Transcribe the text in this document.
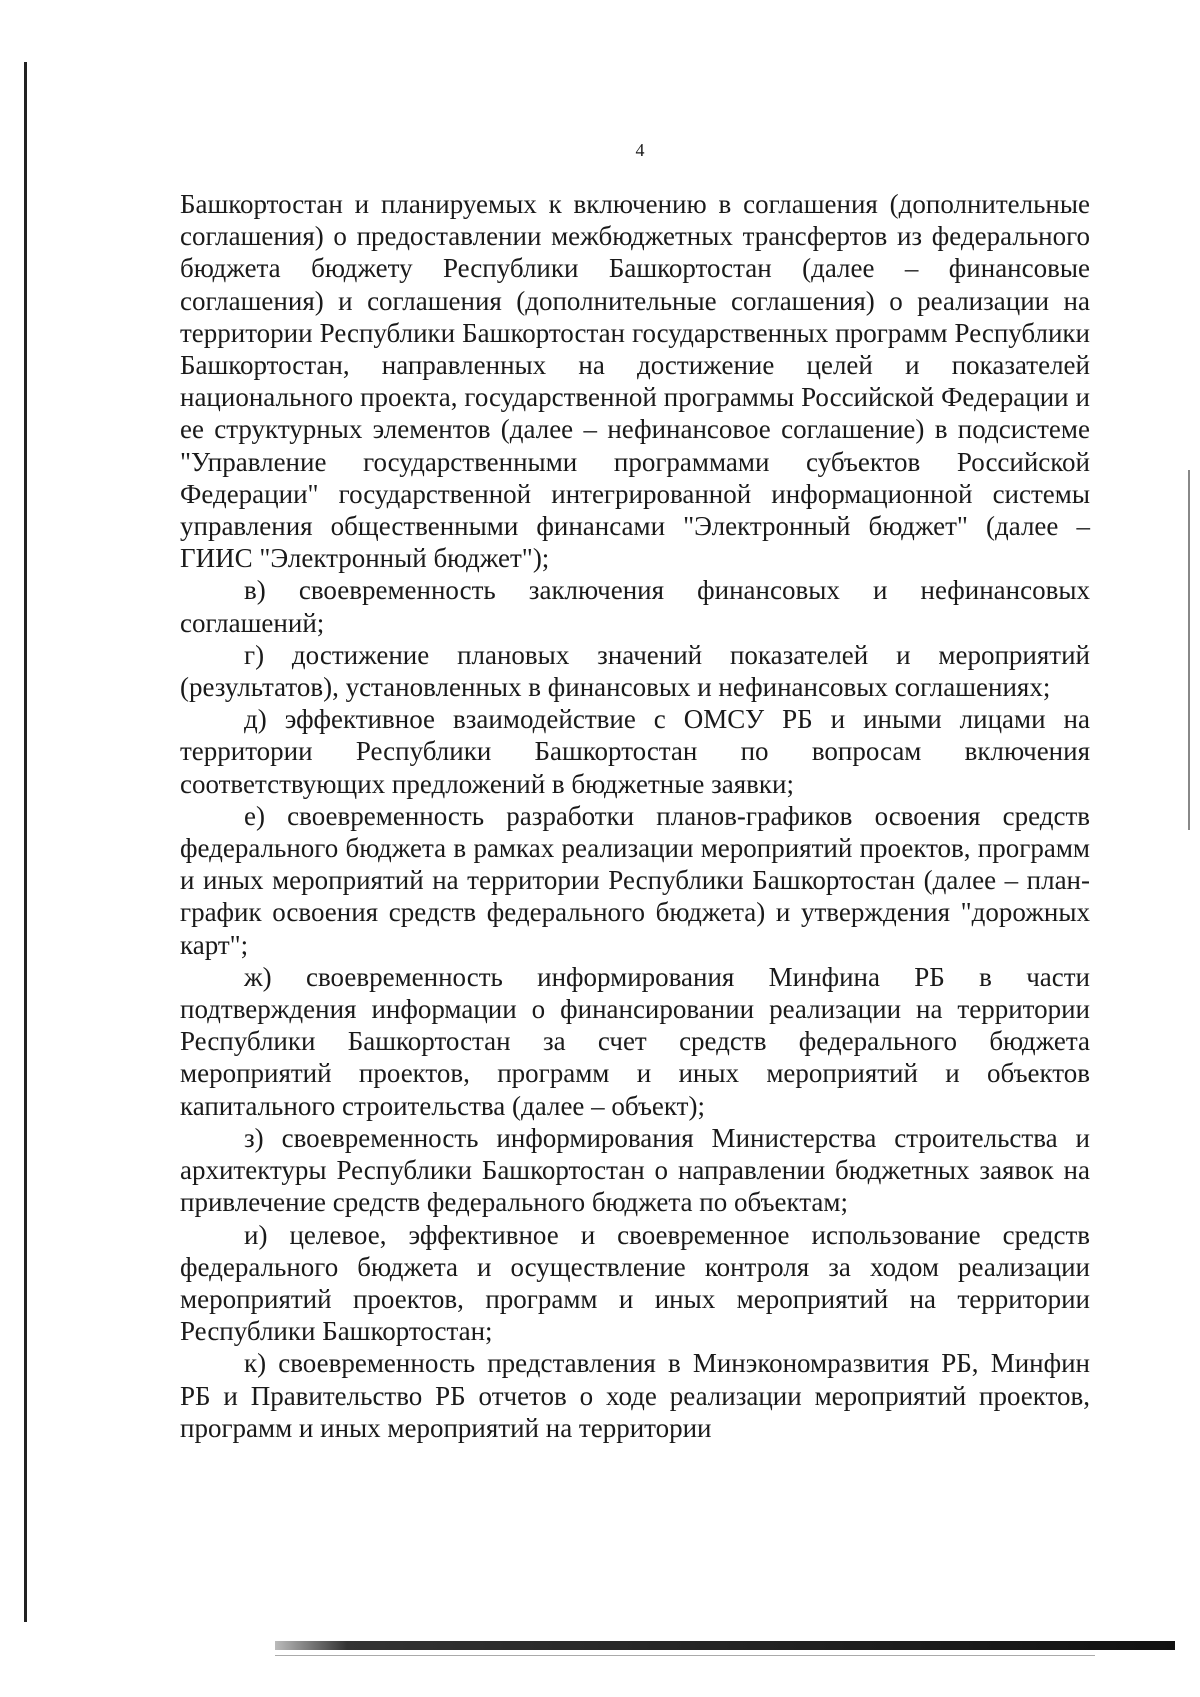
4

Башкортостан и планируемых к включению в соглашения (дополнительные соглашения) о предоставлении межбюджетных трансфертов из федерального бюджета бюджету Республики Башкортостан (далее – финансовые соглашения) и соглашения (дополнительные соглашения) о реализации на территории Республики Башкортостан государственных программ Республики Башкортостан, направленных на достижение целей и показателей национального проекта, государственной программы Российской Федерации и ее структурных элементов (далее – нефинансовое соглашение) в подсистеме "Управление государственными программами субъектов Российской Федерации" государственной интегрированной информационной системы управления общественными финансами "Электронный бюджет" (далее – ГИИС "Электронный бюджет");

в) своевременность заключения финансовых и нефинансовых соглашений;

г) достижение плановых значений показателей и мероприятий (результатов), установленных в финансовых и нефинансовых соглашениях;

д) эффективное взаимодействие с ОМСУ РБ и иными лицами на территории Республики Башкортостан по вопросам включения соответствующих предложений в бюджетные заявки;

е) своевременность разработки планов-графиков освоения средств федерального бюджета в рамках реализации мероприятий проектов, программ и иных мероприятий на территории Республики Башкортостан (далее – план-график освоения средств федерального бюджета) и утверждения "дорожных карт";

ж) своевременность информирования Минфина РБ в части подтверждения информации о финансировании реализации на территории Республики Башкортостан за счет средств федерального бюджета мероприятий проектов, программ и иных мероприятий и объектов капитального строительства (далее – объект);

з) своевременность информирования Министерства строительства и архитектуры Республики Башкортостан о направлении бюджетных заявок на привлечение средств федерального бюджета по объектам;

и) целевое, эффективное и своевременное использование средств федерального бюджета и осуществление контроля за ходом реализации мероприятий проектов, программ и иных мероприятий на территории Республики Башкортостан;

к) своевременность представления в Минэкономразвития РБ, Минфин РБ и Правительство РБ отчетов о ходе реализации мероприятий проектов, программ и иных мероприятий на территории
